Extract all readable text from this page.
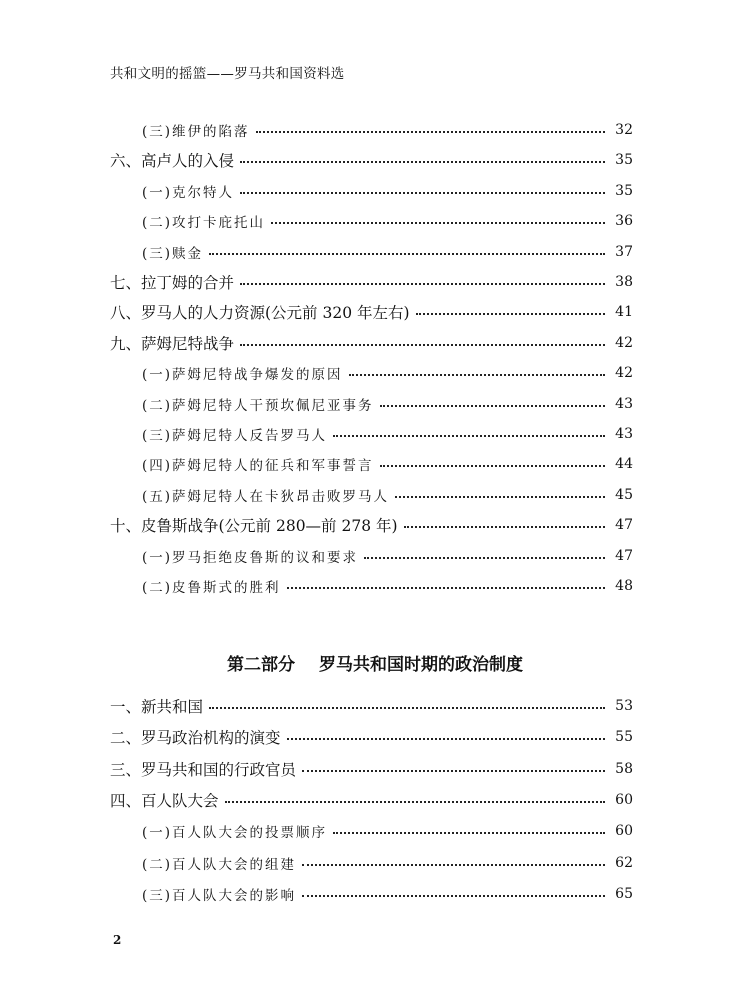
共和文明的摇篮——罗马共和国资料选
(三)维伊的陷落	32
六、高卢人的入侵	35
(一)克尔特人	35
(二)攻打卡庇托山	36
(三)赎金	37
七、拉丁姆的合并	38
八、罗马人的人力资源(公元前 320 年左右)	41
九、萨姆尼特战争	42
(一)萨姆尼特战争爆发的原因	42
(二)萨姆尼特人干预坎佩尼亚事务	43
(三)萨姆尼特人反告罗马人	43
(四)萨姆尼特人的征兵和军事誓言	44
(五)萨姆尼特人在卡狄昂击败罗马人	45
十、皮鲁斯战争(公元前 280—前 278 年)	47
(一)罗马拒绝皮鲁斯的议和要求	47
(二)皮鲁斯式的胜利	48
一、新共和国	53
二、罗马政治机构的演变	55
三、罗马共和国的行政官员	58
四、百人队大会	60
(一)百人队大会的投票顺序	60
(二)百人队大会的组建	62
(三)百人队大会的影响	65
第二部分 罗马共和国时期的政治制度
2
